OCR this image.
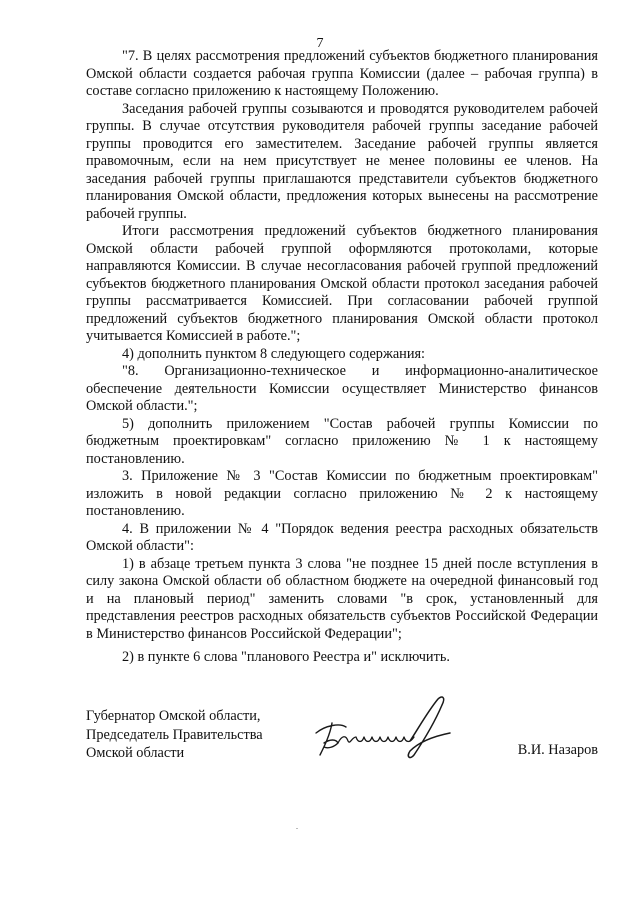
7

"7. В целях рассмотрения предложений субъектов бюджетного планирования Омской области создается рабочая группа Комиссии (далее – рабочая группа) в составе согласно приложению к настоящему Положению.

Заседания рабочей группы созываются и проводятся руководителем рабочей группы. В случае отсутствия руководителя рабочей группы заседание рабочей группы проводится его заместителем. Заседание рабочей группы является правомочным, если на нем присутствует не менее половины ее членов. На заседания рабочей группы приглашаются представители субъектов бюджетного планирования Омской области, предложения которых вынесены на рассмотрение рабочей группы.

Итоги рассмотрения предложений субъектов бюджетного планирования Омской области рабочей группой оформляются протоколами, которые направляются Комиссии. В случае несогласования рабочей группой предложений субъектов бюджетного планирования Омской области протокол заседания рабочей группы рассматривается Комиссией. При согласовании рабочей группой предложений субъектов бюджетного планирования Омской области протокол учитывается Комиссией в работе.";

4) дополнить пунктом 8 следующего содержания:

"8. Организационно-техническое и информационно-аналитическое обеспечение деятельности Комиссии осуществляет Министерство финансов Омской области.";

5) дополнить приложением "Состав рабочей группы Комиссии по бюджетным проектировкам" согласно приложению № 1 к настоящему постановлению.

3. Приложение № 3 "Состав Комиссии по бюджетным проектировкам" изложить в новой редакции согласно приложению № 2 к настоящему постановлению.

4. В приложении № 4 "Порядок ведения реестра расходных обязательств Омской области":

1) в абзаце третьем пункта 3 слова "не позднее 15 дней после вступления в силу закона Омской области об областном бюджете на очередной финансовый год и на плановый период" заменить словами "в срок, установленный для представления реестров расходных обязательств субъектов Российской Федерации в Министерство финансов Российской Федерации";

2) в пункте 6 слова "планового Реестра и" исключить.

Губернатор Омской области,
Председатель Правительства
Омской области	В.И. Назаров
